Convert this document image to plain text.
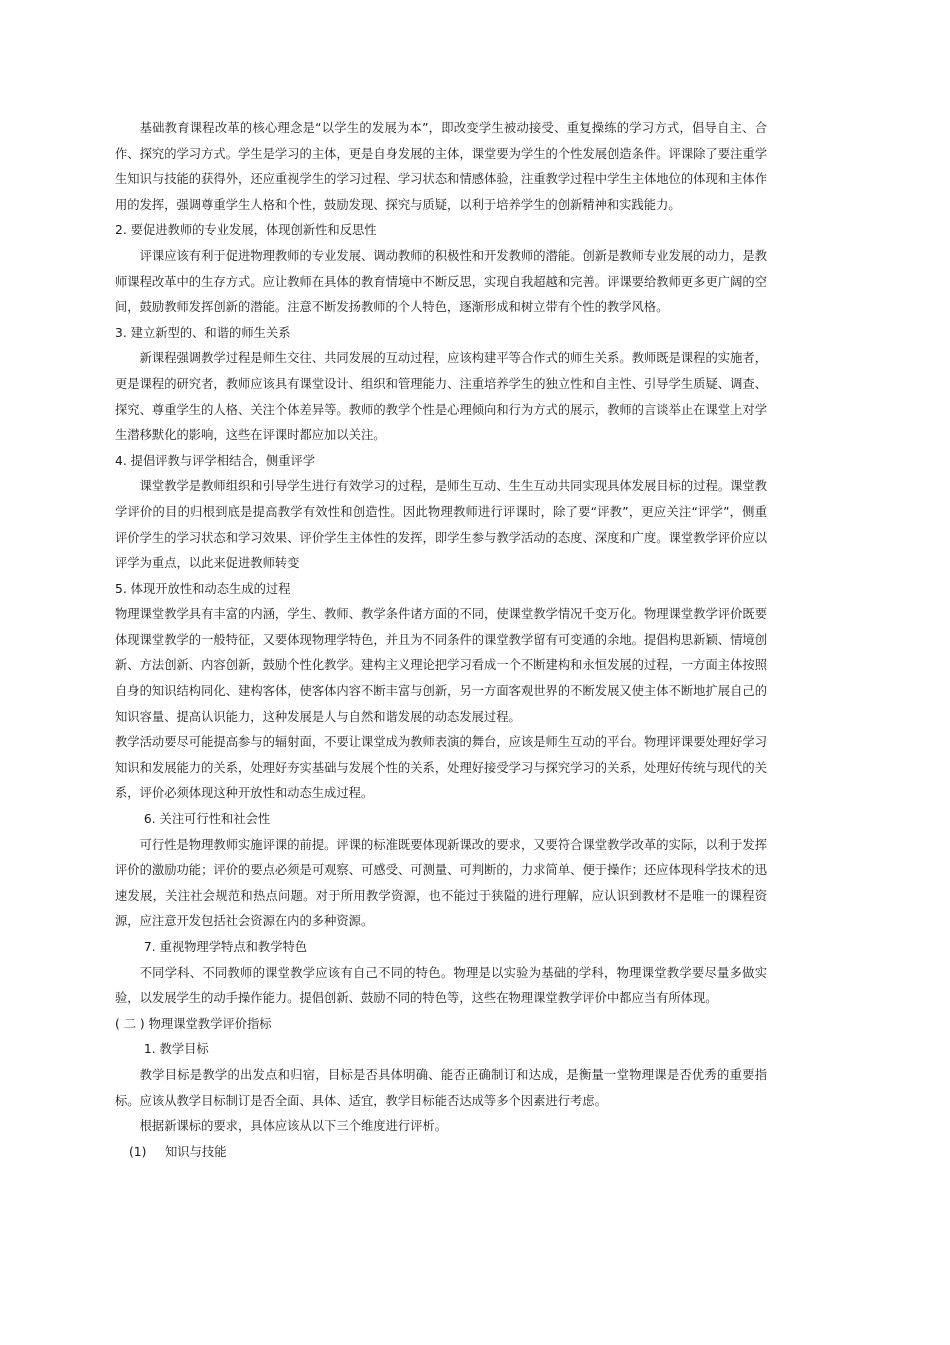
基础教育课程改革的核心理念是“以学生的发展为本”，即改变学生被动接受、重复操练的学习方式，倡导自主、合作、探究的学习方式。学生是学习的主体，更是自身发展的主体，课堂要为学生的个性发展创造条件。评课除了要注重学生知识与技能的获得外，还应重视学生的学习过程、学习状态和情感体验，注重教学过程中学生主体地位的体现和主体作用的发挥，强调尊重学生人格和个性，鼓励发现、探究与质疑，以利于培养学生的创新精神和实践能力。

2. 要促进教师的专业发展，体现创新性和反思性

评课应该有利于促进物理教师的专业发展、调动教师的积极性和开发教师的潜能。创新是教师专业发展的动力，是教师课程改革中的生存方式。应让教师在具体的教育情境中不断反思，实现自我超越和完善。评课要给教师更多更广阔的空间，鼓励教师发挥创新的潜能。注意不断发扬教师的个人特色，逐渐形成和树立带有个性的教学风格。

3. 建立新型的、和谐的师生关系

新课程强调教学过程是师生交往、共同发展的互动过程，应该构建平等合作式的师生关系。教师既是课程的实施者，更是课程的研究者，教师应该具有课堂设计、组织和管理能力、注重培养学生的独立性和自主性、引导学生质疑、调查、探究、尊重学生的人格、关注个体差异等。教师的教学个性是心理倾向和行为方式的展示，教师的言谈举止在课堂上对学生潜移默化的影响，这些在评课时都应加以关注。

4. 提倡评教与评学相结合，侧重评学

课堂教学是教师组织和引导学生进行有效学习的过程，是师生互动、生生互动共同实现具体发展目标的过程。课堂教学评价的目的归根到底是提高教学有效性和创造性。因此物理教师进行评课时，除了要“评教”，更应关注“评学”，侧重评价学生的学习状态和学习效果、评价学生主体性的发挥，即学生参与教学活动的态度、深度和广度。课堂教学评价应以评学为重点，以此来促进教师转变

5. 体现开放性和动态生成的过程

物理课堂教学具有丰富的内涵，学生、教师、教学条件诸方面的不同，使课堂教学情况千变万化。物理课堂教学评价既要体现课堂教学的一般特征，又要体现物理学特色，并且为不同条件的课堂教学留有可变通的余地。提倡构思新颖、情境创新、方法创新、内容创新，鼓励个性化教学。建构主义理论把学习看成一个不断建构和永恒发展的过程，一方面主体按照自身的知识结构同化、建构客体，使客体内容不断丰富与创新，另一方面客观世界的不断发展又使主体不断地扩展自己的知识容量、提高认识能力，这种发展是人与自然和谐发展的动态发展过程。

教学活动要尽可能提高参与的辐射面，不要让课堂成为教师表演的舞台，应该是师生互动的平台。物理评课要处理好学习知识和发展能力的关系，处理好夯实基础与发展个性的关系，处理好接受学习与探究学习的关系，处理好传统与现代的关系，评价必须体现这种开放性和动态生成过程。

6. 关注可行性和社会性

可行性是物理教师实施评课的前提。评课的标准既要体现新课改的要求，又要符合课堂教学改革的实际，以利于发挥评价的激励功能；评价的要点必须是可观察、可感受、可测量、可判断的，力求简单、便于操作；还应体现科学技术的迅速发展，关注社会规范和热点问题。对于所用教学资源，也不能过于狭隘的进行理解，应认识到教材不是唯一的课程资源，应注意开发包括社会资源在内的多种资源。

7. 重视物理学特点和教学特色

不同学科、不同教师的课堂教学应该有自己不同的特色。物理是以实验为基础的学科，物理课堂教学要尽量多做实验，以发展学生的动手操作能力。提倡创新、鼓励不同的特色等，这些在物理课堂教学评价中都应当有所体现。

( 二 ) 物理课堂教学评价指标

1. 教学目标

教学目标是教学的出发点和归宿，目标是否具体明确、能否正确制订和达成，是衡量一堂物理课是否优秀的重要指标。应该从教学目标制订是否全面、具体、适宜，教学目标能否达成等多个因素进行考虑。

根据新课标的要求，具体应该从以下三个维度进行评析。

(1) 知识与技能
